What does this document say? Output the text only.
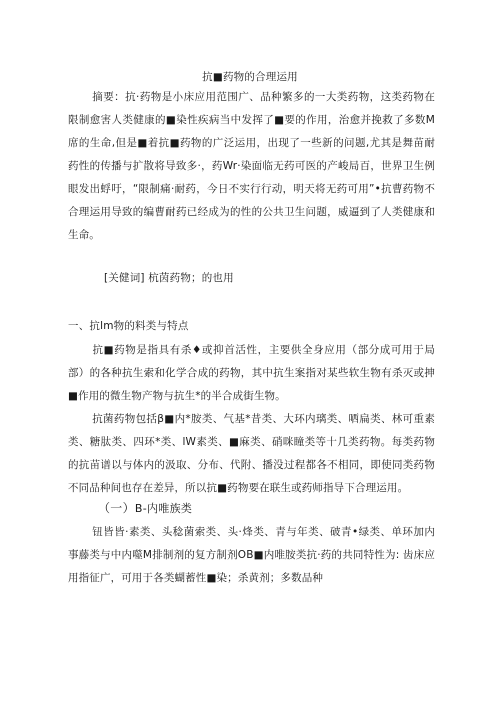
抗■药物的合理运用

摘要：抗·药物是小床应用范围广、品种繁多的一大类药物，这类药物在限制愈害人类健康的■染性疾病当中发挥了■要的作用，治愈并挽救了多数M席的生命,但是■着抗■药物的广泛运用，出现了一些新的问题,尤其是舞苗耐药性的传播与扩散将导致多·，药Wr·染面临无药可医的产峻局百，世界卫生例眼发出蜉吁，“限制痛·耐药，今日不实行行动，明天将无药可用”•抗曹药物不合理运用导致的编曹耐药已经成为的性的公共卫生问题，威逼到了人类健康和生命。

[关健词] 杭茵药物；的也用
一、抗lm物的料类与特点

抗■药物是指具有杀♦或抑首活性，主要供全身应用（部分成可用于局部）的各种抗生索和化学合成的药物，其中抗生案指对某些软生物有杀灭或抻■作用的微生物产物与抗生*的半合成街生物。

抗菌药物包括β■内*胺类、气基*昔类、大环内璃类、哂扁类、林可重素类、糖肽类、四环*类、lW素类、■麻类、硝咪瞳类等十几类药物。每类药物的抗苗谱以与体内的汲取、分布、代附、播没过程都各不相同，即使同类药物不同品种间也存在差异，所以抗■药物要在联生或药师指导下合理运用。

（一）B-内唯族类

钮皆皆·素类、头稔菌索类、头·烽类、青与年类、破青•绿类、单环加内事藤类与中内噬M排制剂的复方制剂OB■内唯胺类抗·药的共同特性为: 齿床应用指征广，可用于各类蝴蓄性■染；杀黄剂；多数品种
